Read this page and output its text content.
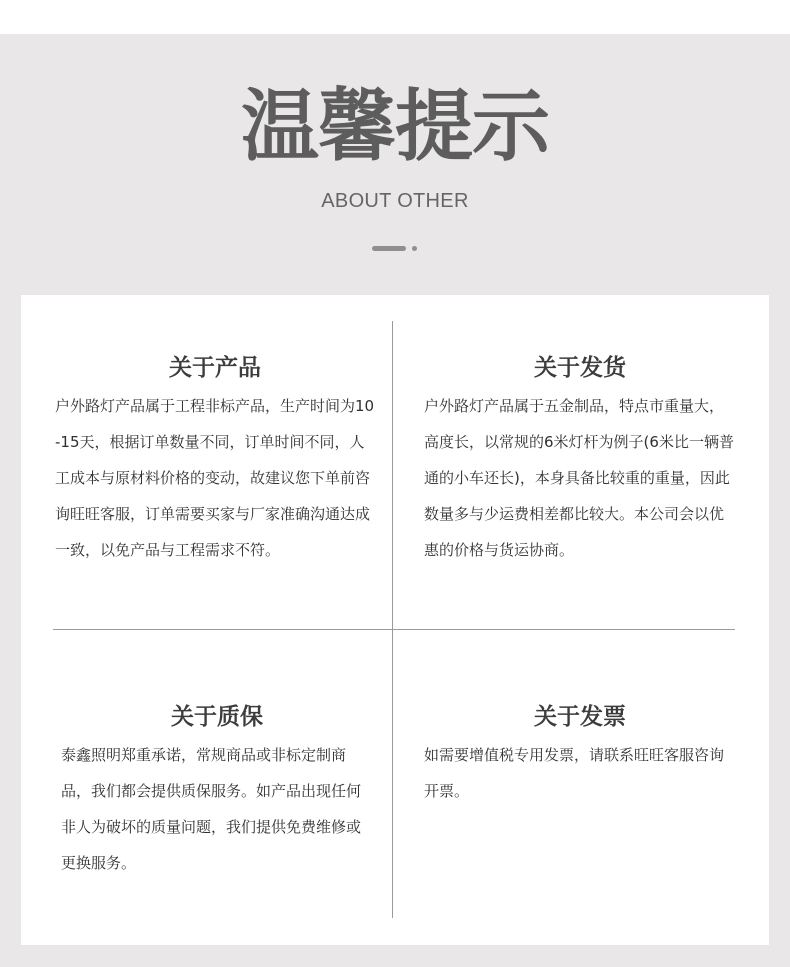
温馨提示
ABOUT OTHER
关于产品
户外路灯产品属于工程非标产品，生产时间为10-15天，根据订单数量不同，订单时间不同，人工成本与原材料价格的变动，故建议您下单前咨询旺旺客服，订单需要买家与厂家准确沟通达成一致，以免产品与工程需求不符。
关于发货
户外路灯产品属于五金制品，特点市重量大，高度长，以常规的6米灯杆为例子(6米比一辆普通的小车还长)，本身具备比较重的重量，因此数量多与少运费相差都比较大。本公司会以优惠的价格与货运协商。
关于质保
泰鑫照明郑重承诺，常规商品或非标定制商品，我们都会提供质保服务。如产品出现任何非人为破坏的质量问题，我们提供免费维修或更换服务。
关于发票
如需要增值税专用发票，请联系旺旺客服咨询开票。
